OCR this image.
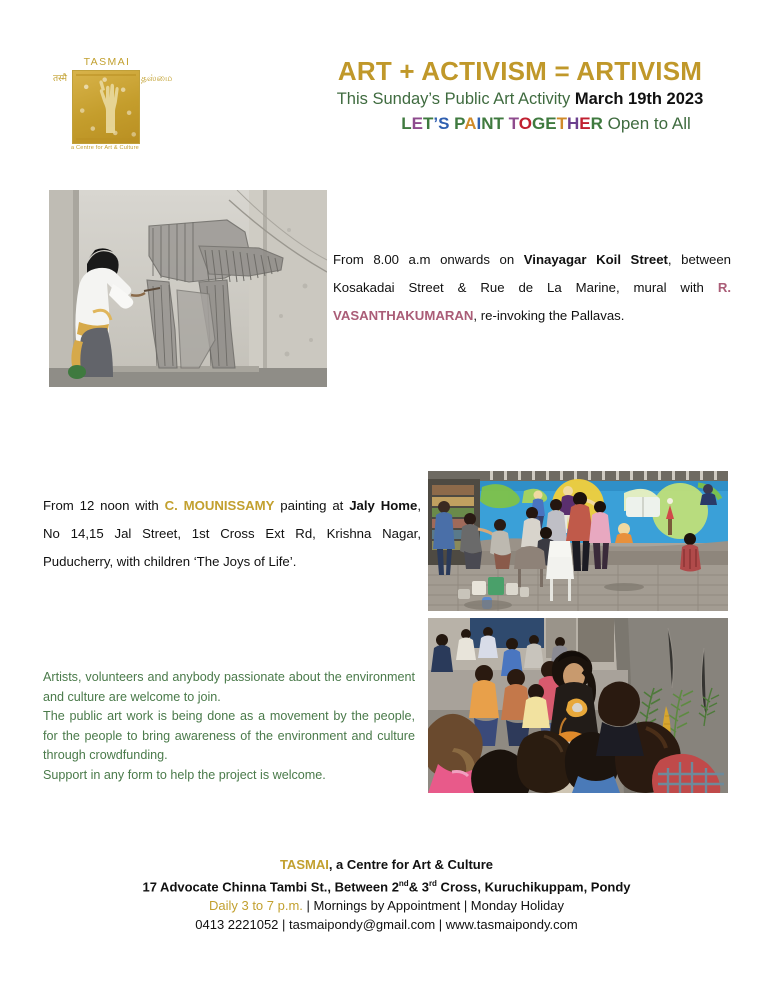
TASMAI
तस्मै	தஸ்மை
a Centre for Art & Culture
ART + ACTIVISM = ARTIVISM
This Sunday’s Public Art Activity March 19th 2023
LET’S PAINT TOGETHER Open to All
From 8.00 a.m onwards on Vinayagar Koil Street, between Kosakadai Street & Rue de La Marine, mural with R. VASANTHAKUMARAN, re-invoking the Pallavas.
From 12 noon with C. MOUNISSAMY painting at Jaly Home, No 14,15 Jal Street, 1st Cross Ext Rd, Krishna Nagar, Puducherry, with children ‘The Joys of Life’.
Artists, volunteers and anybody passionate about the environment and culture are welcome to join.
The public art work is being done as a movement by the people, for the people to bring awareness of the environment and culture through crowdfunding.
Support in any form to help the project is welcome.
TASMAI, a Centre for Art & Culture
17 Advocate Chinna Tambi St., Between 2nd& 3rd Cross, Kuruchikuppam, Pondy
Daily 3 to 7 p.m. | Mornings by Appointment | Monday Holiday
0413 2221052 | tasmaipondy@gmail.com | www.tasmaipondy.com
